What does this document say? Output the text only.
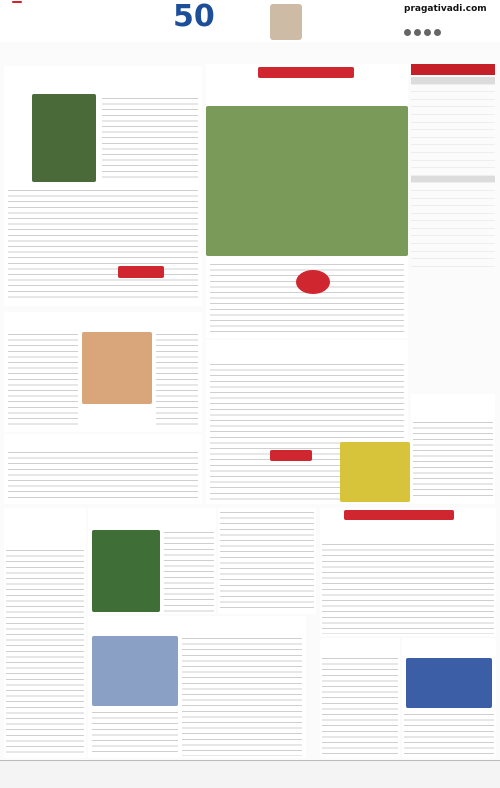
50	pragativadi.com
